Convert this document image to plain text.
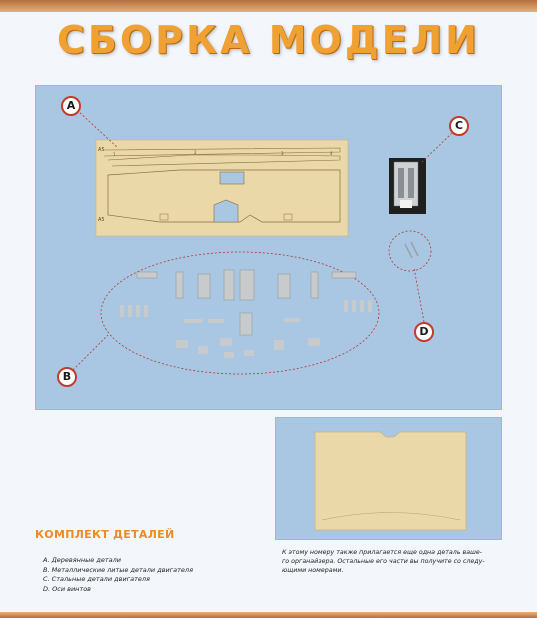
СБОРКА МОДЕЛИ
A5
A5
1	2	3	4
A
B
C
D
КОМПЛЕКТ ДЕТАЛЕЙ
A. Деревянные детали
B. Металлические литые детали двигателя
C. Стальные детали двигателя
D. Оси винтов
К этому номеру также прилагается еще одна деталь ваше-
го органайзера. Остальные его части вы получите со следу-
ющими номерами.
